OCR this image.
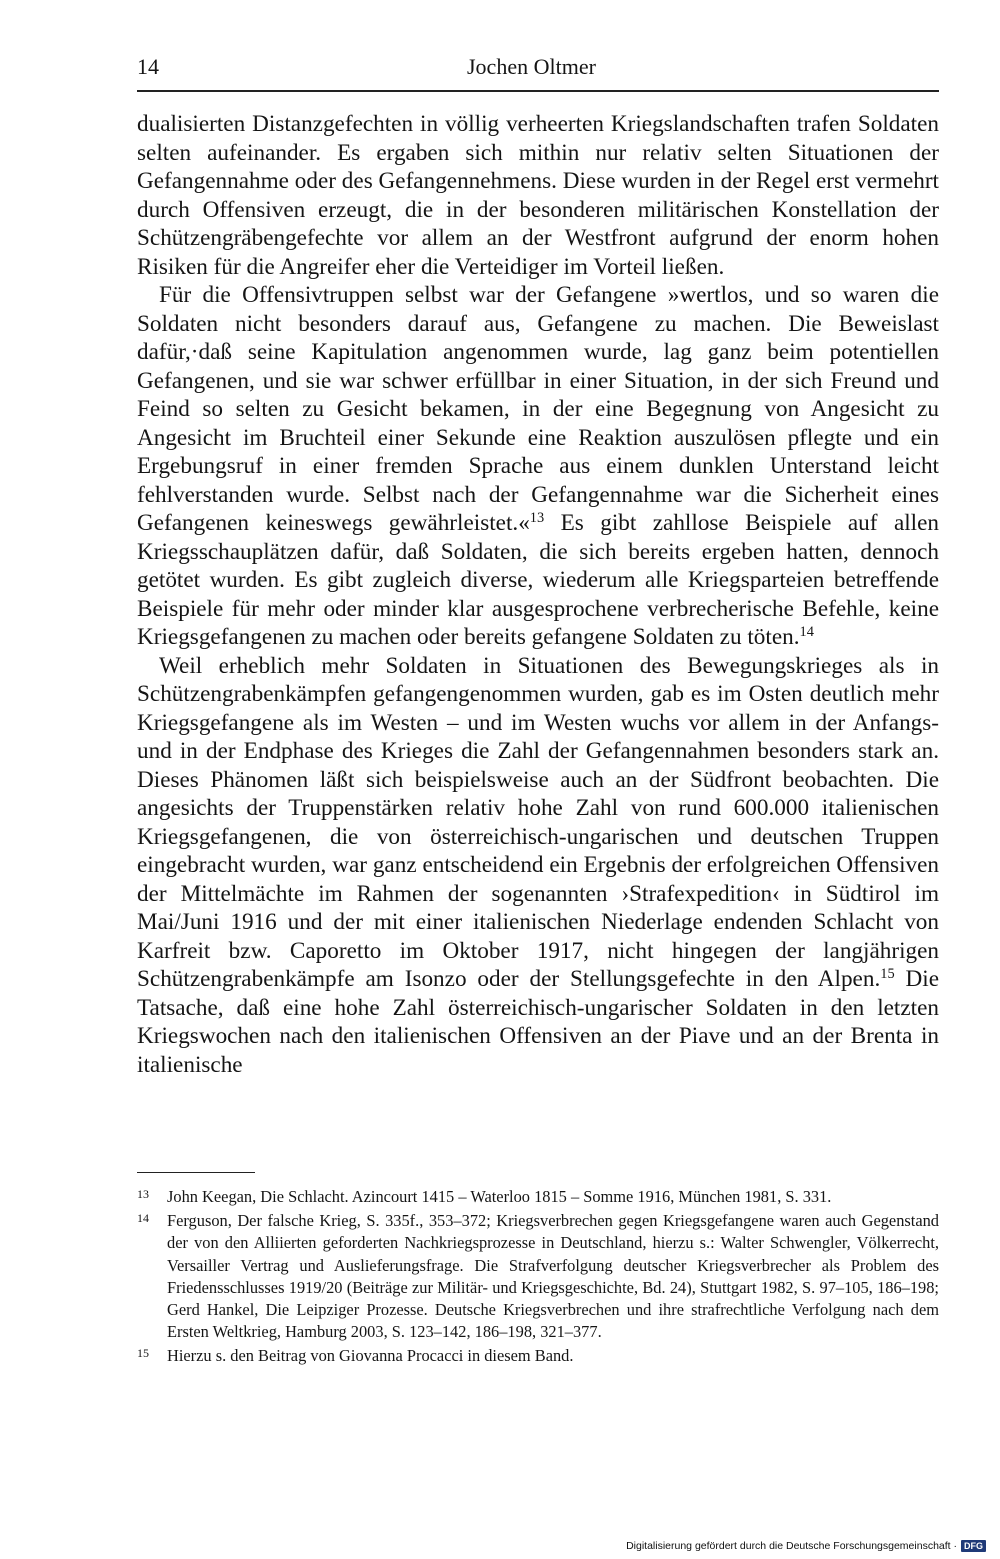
14	Jochen Oltmer

dualisierten Distanzgefechten in völlig verheerten Kriegslandschaften trafen Soldaten selten aufeinander. Es ergaben sich mithin nur relativ selten Situationen der Gefangennahme oder des Gefangennehmens. Diese wurden in der Regel erst vermehrt durch Offensiven erzeugt, die in der besonderen militärischen Konstellation der Schützengräbengefechte vor allem an der Westfront aufgrund der enorm hohen Risiken für die Angreifer eher die Verteidiger im Vorteil ließen.

Für die Offensivtruppen selbst war der Gefangene »wertlos, und so waren die Soldaten nicht besonders darauf aus, Gefangene zu machen. Die Beweislast dafür,·daß seine Kapitulation angenommen wurde, lag ganz beim potentiellen Gefangenen, und sie war schwer erfüllbar in einer Situation, in der sich Freund und Feind so selten zu Gesicht bekamen, in der eine Begegnung von Angesicht zu Angesicht im Bruchteil einer Sekunde eine Reaktion auszulösen pflegte und ein Ergebungsruf in einer fremden Sprache aus einem dunklen Unterstand leicht fehlverstanden wurde. Selbst nach der Gefangennahme war die Sicherheit eines Gefangenen keineswegs gewährleistet.«$^{13}$ Es gibt zahllose Beispiele auf allen Kriegsschauplätzen dafür, daß Soldaten, die sich bereits ergeben hatten, dennoch getötet wurden. Es gibt zugleich diverse, wiederum alle Kriegsparteien betreffende Beispiele für mehr oder minder klar ausgesprochene verbrecherische Befehle, keine Kriegsgefangenen zu machen oder bereits gefangene Soldaten zu töten.$^{14}$

Weil erheblich mehr Soldaten in Situationen des Bewegungskrieges als in Schützengrabenkämpfen gefangengenommen wurden, gab es im Osten deutlich mehr Kriegsgefangene als im Westen – und im Westen wuchs vor allem in der Anfangs- und in der Endphase des Krieges die Zahl der Gefangennahmen besonders stark an. Dieses Phänomen läßt sich beispielsweise auch an der Südfront beobachten. Die angesichts der Truppenstärken relativ hohe Zahl von rund 600.000 italienischen Kriegsgefangenen, die von österreichisch-ungarischen und deutschen Truppen eingebracht wurden, war ganz entscheidend ein Ergebnis der erfolgreichen Offensiven der Mittelmächte im Rahmen der sogenannten ›Strafexpedition‹ in Südtirol im Mai/Juni 1916 und der mit einer italienischen Niederlage endenden Schlacht von Karfreit bzw. Caporetto im Oktober 1917, nicht hingegen der langjährigen Schützengrabenkämpfe am Isonzo oder der Stellungsgefechte in den Alpen.$^{15}$ Die Tatsache, daß eine hohe Zahl österreichisch-ungarischer Soldaten in den letzten Kriegswochen nach den italienischen Offensiven an der Piave und an der Brenta in italienische

13 John Keegan, Die Schlacht. Azincourt 1415 – Waterloo 1815 – Somme 1916, München 1981, S. 331.
14 Ferguson, Der falsche Krieg, S. 335f., 353–372; Kriegsverbrechen gegen Kriegsgefangene waren auch Gegenstand der von den Alliierten geforderten Nachkriegsprozesse in Deutschland, hierzu s.: Walter Schwengler, Völkerrecht, Versailler Vertrag und Auslieferungsfrage. Die Strafverfolgung deutscher Kriegsverbrecher als Problem des Friedensschlusses 1919/20 (Beiträge zur Militär- und Kriegsgeschichte, Bd. 24), Stuttgart 1982, S. 97–105, 186–198; Gerd Hankel, Die Leipziger Prozesse. Deutsche Kriegsverbrechen und ihre strafrechtliche Verfolgung nach dem Ersten Weltkrieg, Hamburg 2003, S. 123–142, 186–198, 321–377.
15 Hierzu s. den Beitrag von Giovanna Procacci in diesem Band.
Digitalisierung gefördert durch die Deutsche Forschungsgemeinschaft · DFG
